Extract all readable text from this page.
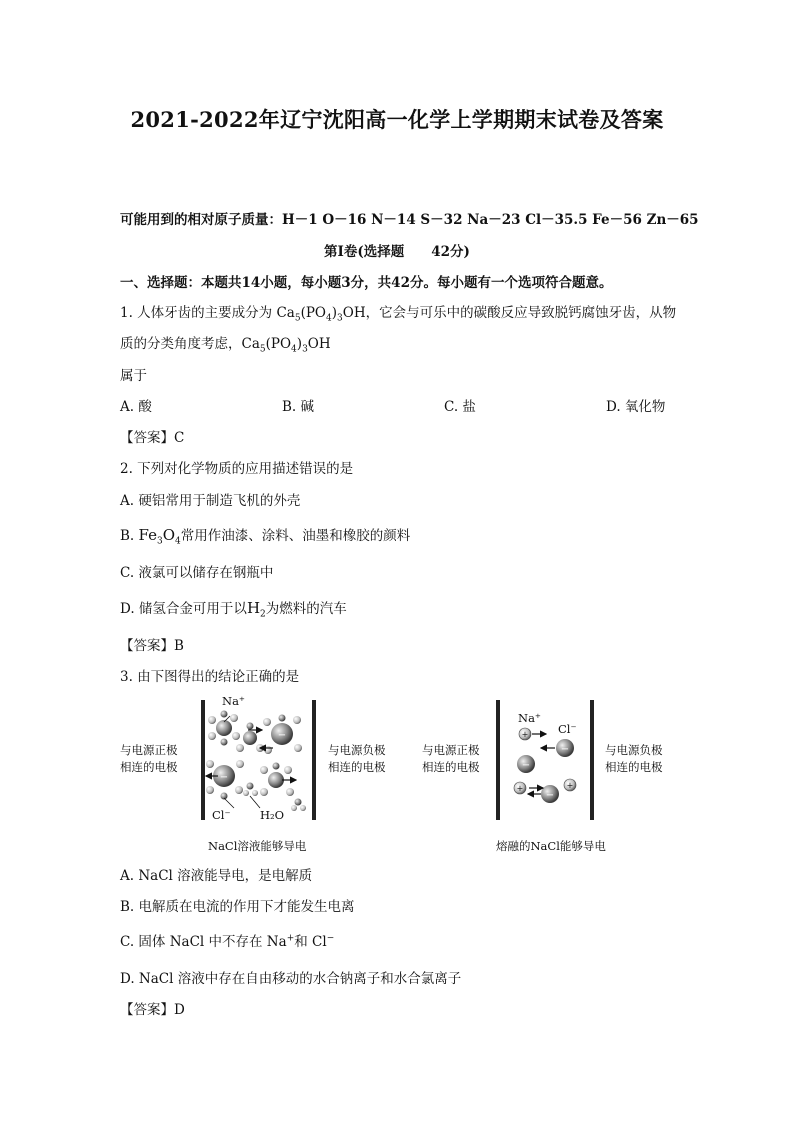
2021-2022年辽宁沈阳高一化学上学期期末试卷及答案
可能用到的相对原子质量：H－1 O－16 N－14 S－32 Na－23 Cl－35.5 Fe－56 Zn－65
第Ⅰ卷(选择题　　42分)
一、选择题：本题共14小题，每小题3分，共42分。每小题有一个选项符合题意。
1. 人体牙齿的主要成分为 $Ca_5(PO_4)_3OH$，它会与可乐中的碳酸反应导致脱钙腐蚀牙齿，从物
质的分类角度考虑，$Ca_5(PO_4)_3OH$
属于
A. 酸	B. 碱	C. 盐	D. 氧化物
【答案】C
2. 下列对化学物质的应用描述错误的是
A. 硬铝常用于制造飞机的外壳
B. $Fe_3O_4$常用作油漆、涂料、油墨和橡胶的颜料
C. 液氯可以储存在钢瓶中
D. 储氢合金可用于以$H_2$为燃料的汽车
【答案】B
3. 由下图得出的结论正确的是
−
−
+
−
−
+
+
−
与电源正极
相连的电极
与电源负极
相连的电极
Na⁺
Cl⁻	H₂O
NaCl溶液能够导电
与电源正极
相连的电极
与电源负极
相连的电极
Na⁺
Cl⁻
熔融的NaCl能够导电
A. NaCl 溶液能导电，是电解质
B. 电解质在电流的作用下才能发生电离
C. 固体 NaCl 中不存在 Na+和 Cl−
D. NaCl 溶液中存在自由移动的水合钠离子和水合氯离子
【答案】D
